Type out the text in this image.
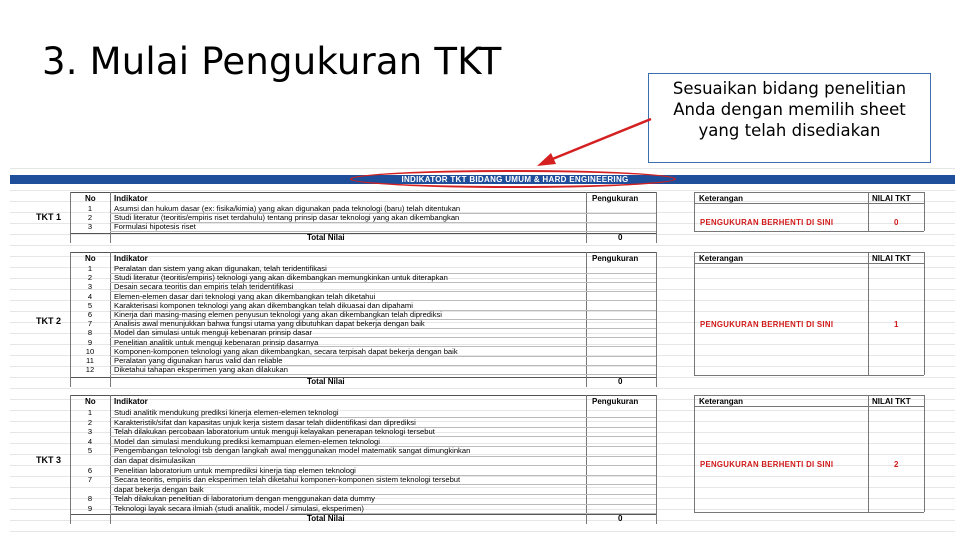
3. Mulai Pengukuran TKT
Sesuaikan bidang penelitian
Anda dengan memilih sheet
yang telah disediakan
INDIKATOR TKT BIDANG UMUM & HARD ENGINEERING
TKT 1
No Indikator	Pengukuran	Keterangan	NILAI TKT
1	Asumsi dan hukum dasar (ex: fisika/kimia) yang akan digunakan pada teknologi (baru) telah ditentukan
2	Studi literatur (teoritis/empiris riset terdahulu) tentang prinsip dasar teknologi yang akan dikembangkan
3	Formulasi hipotesis riset
Total Nilai	0
PENGUKURAN BERHENTI DI SINI	0
TKT 2
No Indikator	Pengukuran	Keterangan	NILAI TKT
1	Peralatan dan sistem yang akan digunakan, telah teridentifikasi
2	Studi literatur (teoritis/empiris) teknologi yang akan dikembangkan memungkinkan untuk diterapkan
3	Desain secara teoritis dan empiris telah teridentifikasi
4	Elemen-elemen dasar dari teknologi yang akan dikembangkan telah diketahui
5	Karakterisasi komponen teknologi yang akan dikembangkan telah dikuasai dan dipahami
6	Kinerja dari masing-masing elemen penyusun teknologi yang akan dikembangkan telah diprediksi
7	Analisis awal menunjukkan bahwa fungsi utama yang dibutuhkan dapat bekerja dengan baik
8	Model dan simulasi untuk menguji kebenaran prinsip dasar
9	Penelitian analitik untuk menguji kebenaran prinsip dasarnya
10	Komponen-komponen teknologi yang akan dikembangkan, secara terpisah dapat bekerja dengan baik
11	Peralatan yang digunakan harus valid dan reliable
12	Diketahui tahapan eksperimen yang akan dilakukan
Total Nilai	0
PENGUKURAN BERHENTI DI SINI	1
TKT 3
No Indikator	Pengukuran	Keterangan	NILAI TKT
1	Studi analitik mendukung prediksi kinerja elemen-elemen teknologi
2	Karakteristik/sifat dan kapasitas unjuk kerja sistem dasar telah diidentifikasi dan diprediksi
3	Telah dilakukan percobaan laboratorium untuk menguji kelayakan penerapan teknologi tersebut
4	Model dan simulasi mendukung prediksi kemampuan elemen-elemen teknologi
5	Pengembangan teknologi tsb dengan langkah awal menggunakan model matematik sangat dimungkinkan
dan dapat disimulasikan
6	Penelitian laboratorium untuk memprediksi kinerja tiap elemen teknologi
7	Secara teoritis, empiris dan eksperimen telah diketahui komponen-komponen sistem teknologi tersebut
dapat bekerja dengan baik
8	Telah dilakukan penelitian di laboratorium dengan menggunakan data dummy
9	Teknologi layak secara ilmiah (studi analitik, model / simulasi, eksperimen)
Total Nilai	0
PENGUKURAN BERHENTI DI SINI	2
